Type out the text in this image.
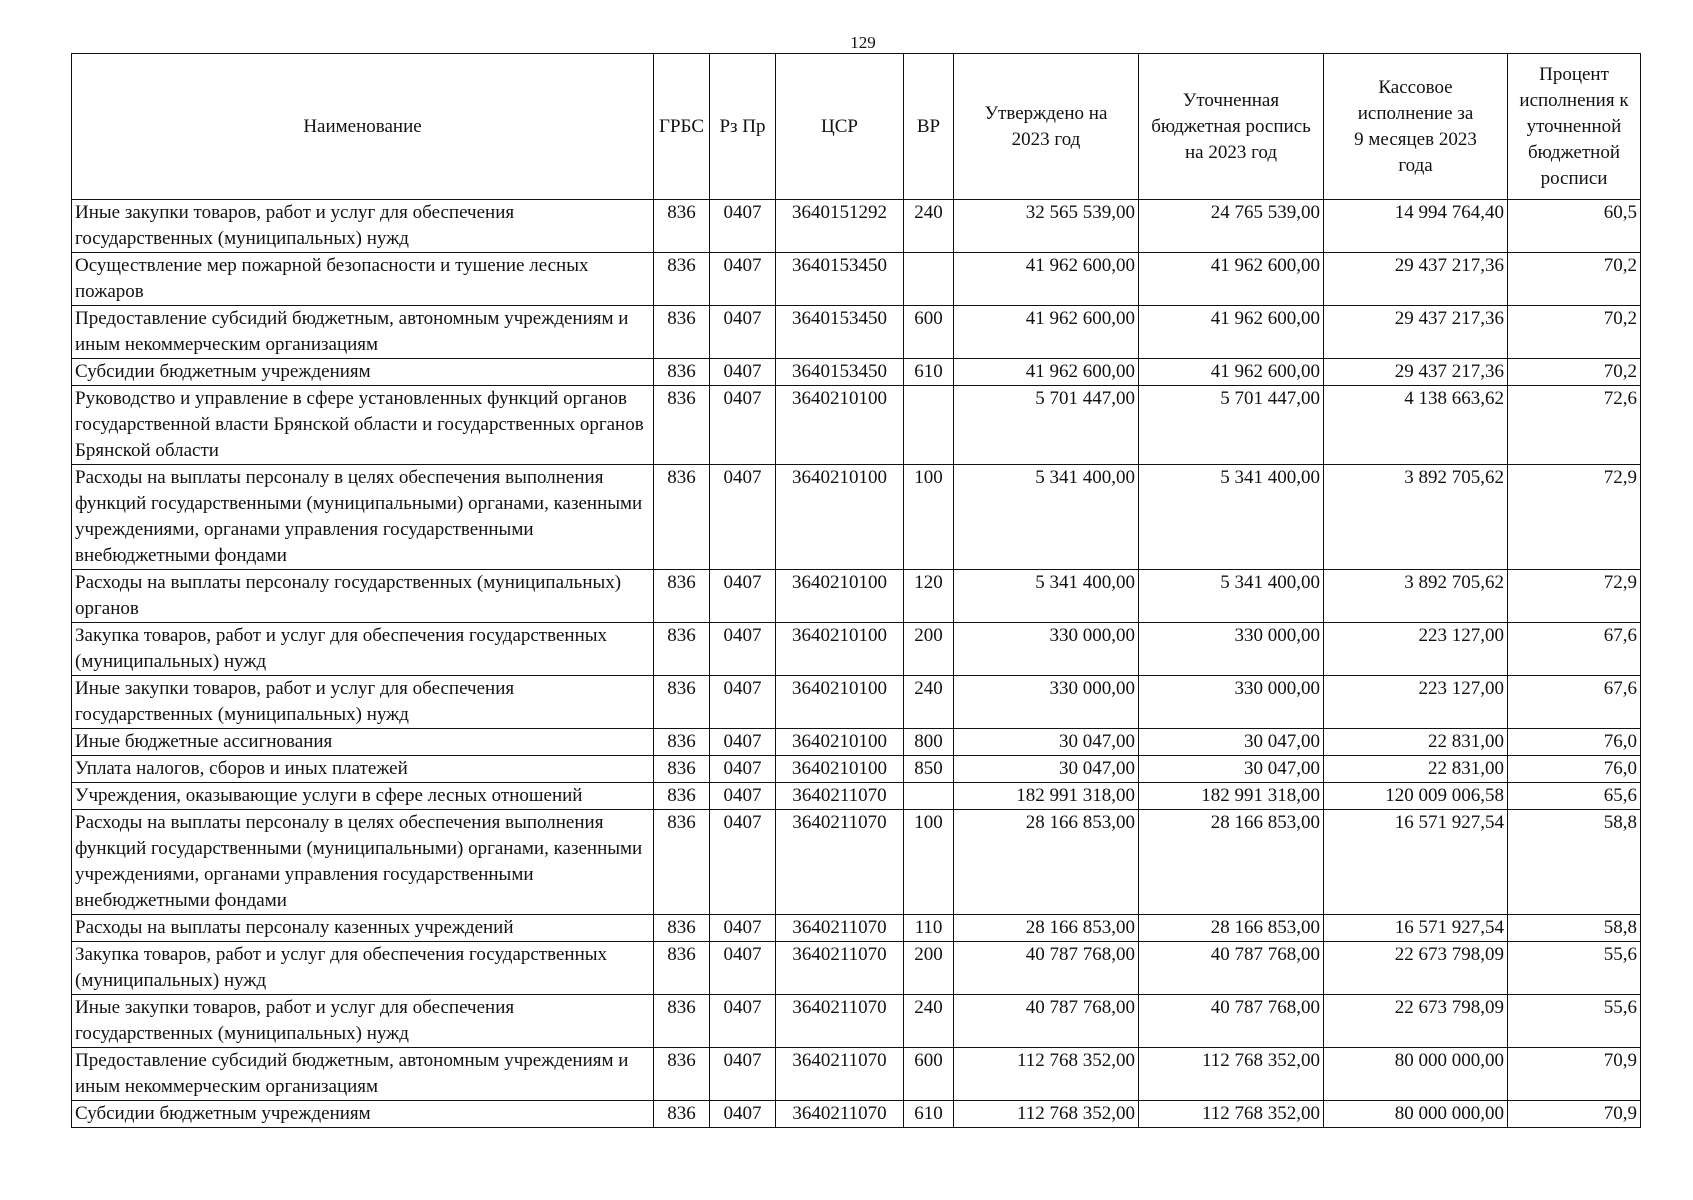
129
Наименование	ГРБС	Рз Пр	ЦСР	ВР	Утверждено на 2023 год	Уточненная бюджетная роспись на 2023 год	Кассовое исполнение за 9 месяцев 2023 года	Процент исполнения к уточненной бюджетной росписи
Иные закупки товаров, работ и услуг для обеспечения государственных (муниципальных) нужд	836	0407	3640151292	240	32 565 539,00	24 765 539,00	14 994 764,40	60,5
Осуществление мер пожарной безопасности и тушение лесных пожаров	836	0407	3640153450		41 962 600,00	41 962 600,00	29 437 217,36	70,2
Предоставление субсидий бюджетным, автономным учреждениям и иным некоммерческим организациям	836	0407	3640153450	600	41 962 600,00	41 962 600,00	29 437 217,36	70,2
Субсидии бюджетным учреждениям	836	0407	3640153450	610	41 962 600,00	41 962 600,00	29 437 217,36	70,2
Руководство и управление в сфере установленных функций органов государственной власти Брянской области и государственных органов Брянской области	836	0407	3640210100		5 701 447,00	5 701 447,00	4 138 663,62	72,6
Расходы на выплаты персоналу в целях обеспечения выполнения функций государственными (муниципальными) органами, казенными учреждениями, органами управления государственными внебюджетными фондами	836	0407	3640210100	100	5 341 400,00	5 341 400,00	3 892 705,62	72,9
Расходы на выплаты персоналу государственных (муниципальных) органов	836	0407	3640210100	120	5 341 400,00	5 341 400,00	3 892 705,62	72,9
Закупка товаров, работ и услуг для обеспечения государственных (муниципальных) нужд	836	0407	3640210100	200	330 000,00	330 000,00	223 127,00	67,6
Иные закупки товаров, работ и услуг для обеспечения государственных (муниципальных) нужд	836	0407	3640210100	240	330 000,00	330 000,00	223 127,00	67,6
Иные бюджетные ассигнования	836	0407	3640210100	800	30 047,00	30 047,00	22 831,00	76,0
Уплата налогов, сборов и иных платежей	836	0407	3640210100	850	30 047,00	30 047,00	22 831,00	76,0
Учреждения, оказывающие услуги в сфере лесных отношений	836	0407	3640211070		182 991 318,00	182 991 318,00	120 009 006,58	65,6
Расходы на выплаты персоналу в целях обеспечения выполнения функций государственными (муниципальными) органами, казенными учреждениями, органами управления государственными внебюджетными фондами	836	0407	3640211070	100	28 166 853,00	28 166 853,00	16 571 927,54	58,8
Расходы на выплаты персоналу казенных учреждений	836	0407	3640211070	110	28 166 853,00	28 166 853,00	16 571 927,54	58,8
Закупка товаров, работ и услуг для обеспечения государственных (муниципальных) нужд	836	0407	3640211070	200	40 787 768,00	40 787 768,00	22 673 798,09	55,6
Иные закупки товаров, работ и услуг для обеспечения государственных (муниципальных) нужд	836	0407	3640211070	240	40 787 768,00	40 787 768,00	22 673 798,09	55,6
Предоставление субсидий бюджетным, автономным учреждениям и иным некоммерческим организациям	836	0407	3640211070	600	112 768 352,00	112 768 352,00	80 000 000,00	70,9
Субсидии бюджетным учреждениям	836	0407	3640211070	610	112 768 352,00	112 768 352,00	80 000 000,00	70,9
